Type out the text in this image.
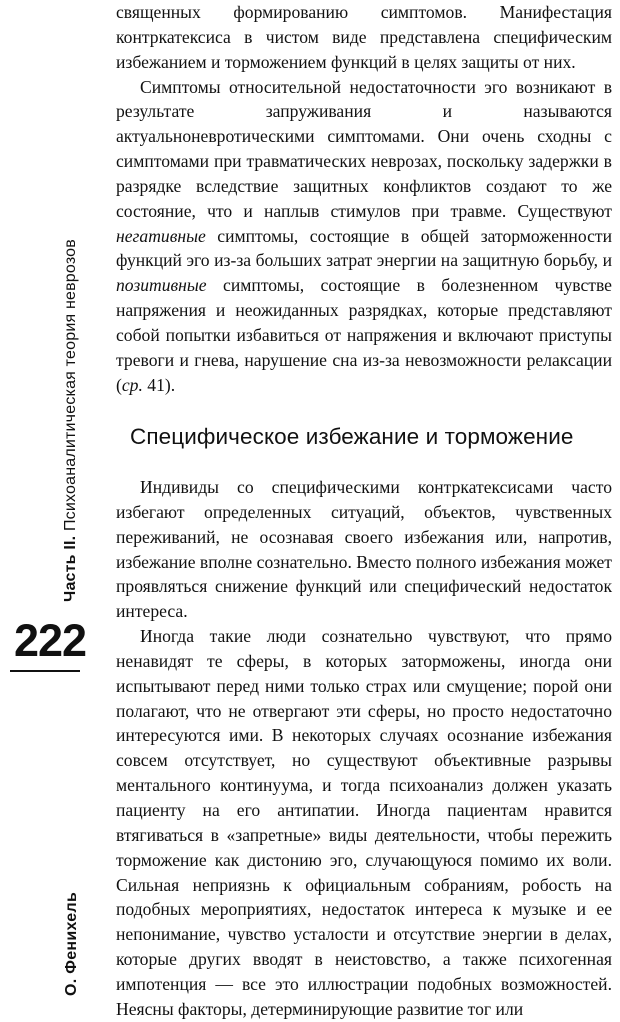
Часть II. Психоаналитическая теория неврозов
222
О. Фенихель

священных формированию симптомов. Манифестация контркатексиса в чистом виде представлена специфическим избежанием и торможением функций в целях защиты от них.

Симптомы относительной недостаточности эго возникают в результате запруживания и называются актуальноневротическими симптомами. Они очень сходны с симптомами при травматических неврозах, поскольку задержки в разрядке вследствие защитных конфликтов создают то же состояние, что и наплыв стимулов при травме. Существуют негативные симптомы, состоящие в общей заторможенности функций эго из-за больших затрат энергии на защитную борьбу, и позитивные симптомы, состоящие в болезненном чувстве напряжения и неожиданных разрядках, которые представляют собой попытки избавиться от напряжения и включают приступы тревоги и гнева, нарушение сна из-за невозможности релаксации (ср. 41).

Специфическое избежание и торможение

Индивиды со специфическими контркатексисами часто избегают определенных ситуаций, объектов, чувственных переживаний, не осознавая своего избежания или, напротив, избежание вполне сознательно. Вместо полного избежания может проявляться снижение функций или специфический недостаток интереса.

Иногда такие люди сознательно чувствуют, что прямо ненавидят те сферы, в которых заторможены, иногда они испытывают перед ними только страх или смущение; порой они полагают, что не отвергают эти сферы, но просто недостаточно интересуются ими. В некоторых случаях осознание избежания совсем отсутствует, но существуют объективные разрывы ментального континуума, и тогда психоанализ должен указать пациенту на его антипатии. Иногда пациентам нравится втягиваться в «запретные» виды деятельности, чтобы пережить торможение как дистонию эго, случающуюся помимо их воли. Сильная неприязнь к официальным собраниям, робость на подобных мероприятиях, недостаток интереса к музыке и ее непонимание, чувство усталости и отсутствие энергии в делах, которые других вводят в неистовство, а также психогенная импотенция — все это иллюстрации подобных возможностей. Неясны факторы, детерминирующие развитие тог или
